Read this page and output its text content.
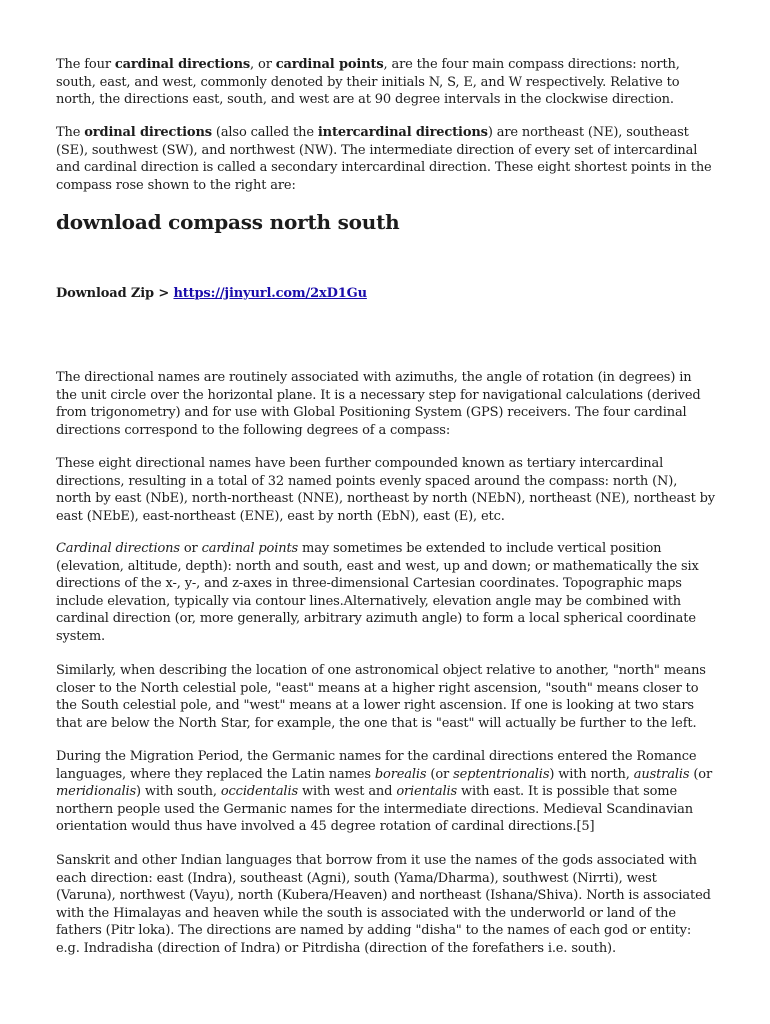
The four cardinal directions, or cardinal points, are the four main compass directions: north, south, east, and west, commonly denoted by their initials N, S, E, and W respectively. Relative to north, the directions east, south, and west are at 90 degree intervals in the clockwise direction.

The ordinal directions (also called the intercardinal directions) are northeast (NE), southeast (SE), southwest (SW), and northwest (NW). The intermediate direction of every set of intercardinal and cardinal direction is called a secondary intercardinal direction. These eight shortest points in the compass rose shown to the right are:

download compass north south

Download Zip > https://jinyurl.com/2xD1Gu

The directional names are routinely associated with azimuths, the angle of rotation (in degrees) in the unit circle over the horizontal plane. It is a necessary step for navigational calculations (derived from trigonometry) and for use with Global Positioning System (GPS) receivers. The four cardinal directions correspond to the following degrees of a compass:

These eight directional names have been further compounded known as tertiary intercardinal directions, resulting in a total of 32 named points evenly spaced around the compass: north (N), north by east (NbE), north-northeast (NNE), northeast by north (NEbN), northeast (NE), northeast by east (NEbE), east-northeast (ENE), east by north (EbN), east (E), etc.

Cardinal directions or cardinal points may sometimes be extended to include vertical position (elevation, altitude, depth): north and south, east and west, up and down; or mathematically the six directions of the x-, y-, and z-axes in three-dimensional Cartesian coordinates. Topographic maps include elevation, typically via contour lines.Alternatively, elevation angle may be combined with cardinal direction (or, more generally, arbitrary azimuth angle) to form a local spherical coordinate system.

Similarly, when describing the location of one astronomical object relative to another, "north" means closer to the North celestial pole, "east" means at a higher right ascension, "south" means closer to the South celestial pole, and "west" means at a lower right ascension. If one is looking at two stars that are below the North Star, for example, the one that is "east" will actually be further to the left.

During the Migration Period, the Germanic names for the cardinal directions entered the Romance languages, where they replaced the Latin names borealis (or septentrionalis) with north, australis (or meridionalis) with south, occidentalis with west and orientalis with east. It is possible that some northern people used the Germanic names for the intermediate directions. Medieval Scandinavian orientation would thus have involved a 45 degree rotation of cardinal directions.[5]

Sanskrit and other Indian languages that borrow from it use the names of the gods associated with each direction: east (Indra), southeast (Agni), south (Yama/Dharma), southwest (Nirrti), west (Varuna), northwest (Vayu), north (Kubera/Heaven) and northeast (Ishana/Shiva). North is associated with the Himalayas and heaven while the south is associated with the underworld or land of the fathers (Pitr loka). The directions are named by adding "disha" to the names of each god or entity: e.g. Indradisha (direction of Indra) or Pitrdisha (direction of the forefathers i.e. south).
